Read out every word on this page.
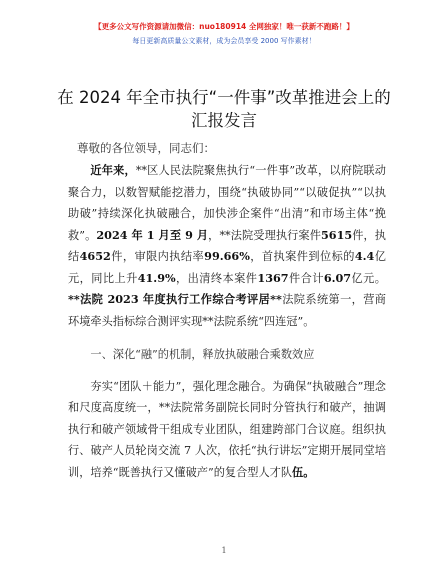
【更多公文写作资源请加微信：nuo180914 全网独家！唯一获新不跑路！】
每日更新高质量公文素材，成为会员享受 2000 写作素材！
在 2024 年全市执行“一件事”改革推进会上的
汇报发言
尊敬的各位领导，同志们：

近年来，**区人民法院聚焦执行“一件事”改革，以府院联动聚合力，以数智赋能挖潜力，围绕“执破协同”“以破促执”“以执助破”持续深化执破融合，加快涉企案件“出清”和市场主体“挽救”。2024 年 1 月至 9 月，**法院受理执行案件5615件，执结4652件，审限内执结率99.66%，首执案件到位标的4.4亿元，同比上升41.9%，出清终本案件1367件合计6.07亿元。**法院 2023 年度执行工作综合考评居**法院系统第一，营商环境牵头指标综合测评实现**法院系统“四连冠”。

一、深化“融”的机制，释放执破融合乘数效应

夯实“团队＋能力”，强化理念融合。为确保“执破融合”理念和尺度高度统一，**法院常务副院长同时分管执行和破产，抽调执行和破产领域骨干组成专业团队，组建跨部门合议庭。组织执行、破产人员轮岗交流 7 人次，依托“执行讲坛”定期开展同堂培训，培养“既善执行又懂破产”的复合型人才队伍。

1
